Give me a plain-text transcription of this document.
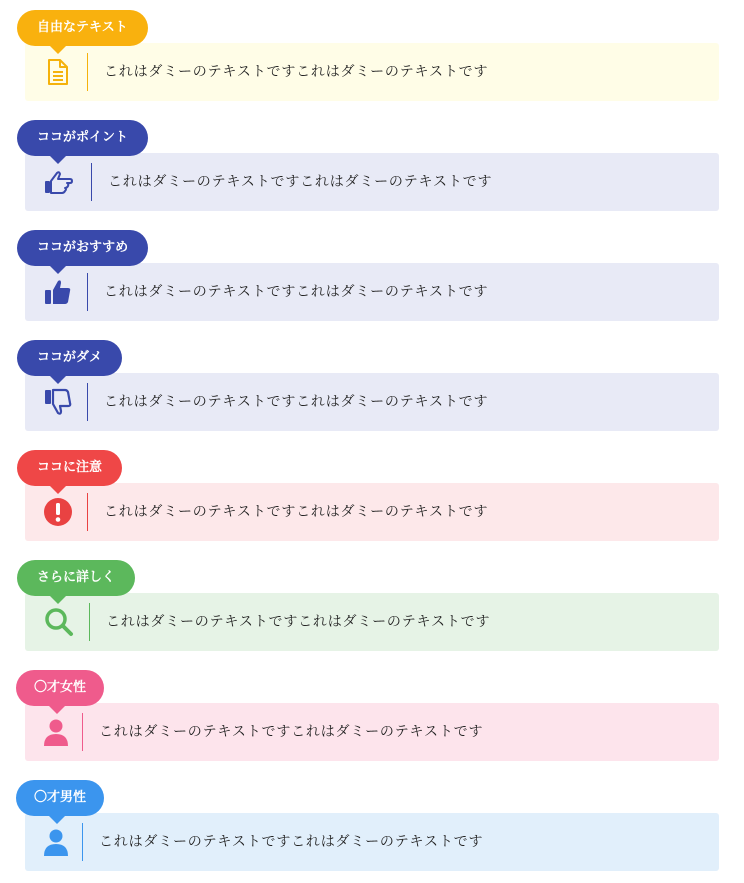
これはダミーのテキストですこれはダミーのテキストです
自由なテキスト
これはダミーのテキストですこれはダミーのテキストです
ココがポイント
これはダミーのテキストですこれはダミーのテキストです
ココがおすすめ
これはダミーのテキストですこれはダミーのテキストです
ココがダメ
これはダミーのテキストですこれはダミーのテキストです
ココに注意
これはダミーのテキストですこれはダミーのテキストです
さらに詳しく
これはダミーのテキストですこれはダミーのテキストです
〇才女性
これはダミーのテキストですこれはダミーのテキストです
〇才男性
